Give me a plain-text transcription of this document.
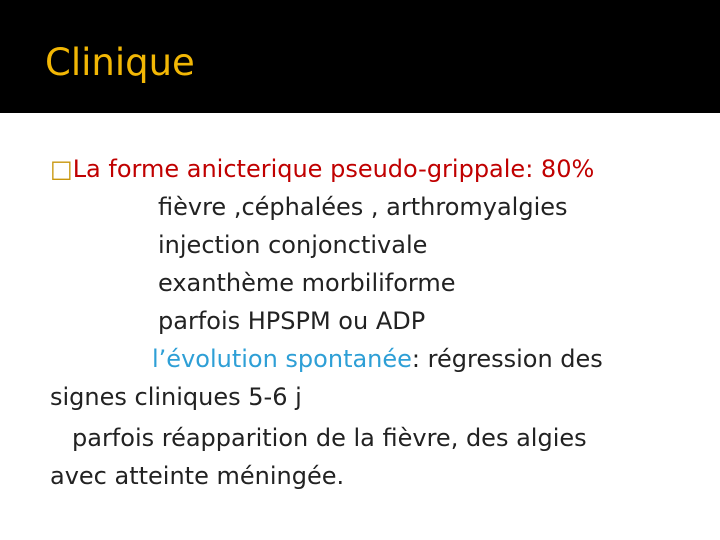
Clinique
□La forme anicterique pseudo-grippale: 80%
fièvre ,céphalées , arthromyalgies
injection conjonctivale
exanthème morbiliforme
parfois HPSPM ou ADP
l’évolution spontanée: régression des
signes cliniques 5-6 j
parfois réapparition de la fièvre, des algies
avec atteinte méningée.
